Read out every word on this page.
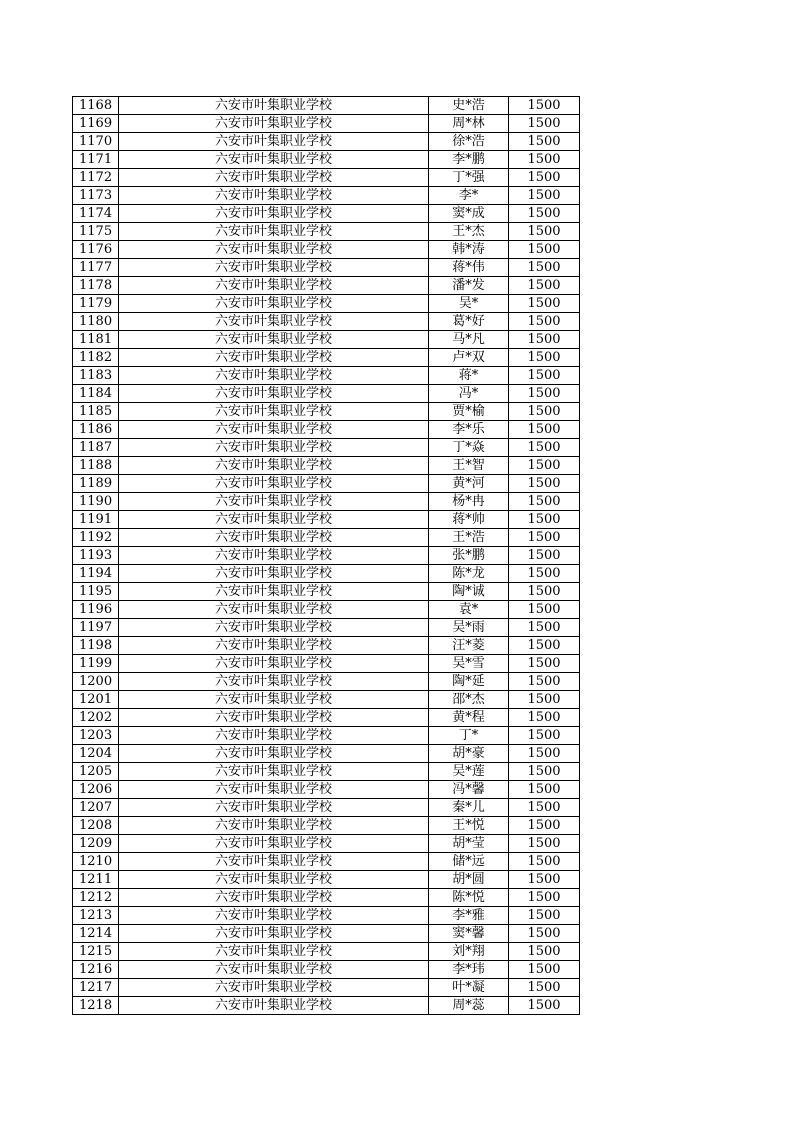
1168	六安市叶集职业学校	史*浩	1500
1169	六安市叶集职业学校	周*林	1500
1170	六安市叶集职业学校	徐*浩	1500
1171	六安市叶集职业学校	李*鹏	1500
1172	六安市叶集职业学校	丁*强	1500
1173	六安市叶集职业学校	李*	1500
1174	六安市叶集职业学校	窦*成	1500
1175	六安市叶集职业学校	王*杰	1500
1176	六安市叶集职业学校	韩*涛	1500
1177	六安市叶集职业学校	蒋*伟	1500
1178	六安市叶集职业学校	潘*发	1500
1179	六安市叶集职业学校	吴*	1500
1180	六安市叶集职业学校	葛*好	1500
1181	六安市叶集职业学校	马*凡	1500
1182	六安市叶集职业学校	卢*双	1500
1183	六安市叶集职业学校	蒋*	1500
1184	六安市叶集职业学校	冯*	1500
1185	六安市叶集职业学校	贾*榆	1500
1186	六安市叶集职业学校	李*乐	1500
1187	六安市叶集职业学校	丁*焱	1500
1188	六安市叶集职业学校	王*智	1500
1189	六安市叶集职业学校	黄*河	1500
1190	六安市叶集职业学校	杨*冉	1500
1191	六安市叶集职业学校	蒋*帅	1500
1192	六安市叶集职业学校	王*浩	1500
1193	六安市叶集职业学校	张*鹏	1500
1194	六安市叶集职业学校	陈*龙	1500
1195	六安市叶集职业学校	陶*诚	1500
1196	六安市叶集职业学校	袁*	1500
1197	六安市叶集职业学校	吴*雨	1500
1198	六安市叶集职业学校	汪*菱	1500
1199	六安市叶集职业学校	吴*雪	1500
1200	六安市叶集职业学校	陶*延	1500
1201	六安市叶集职业学校	邵*杰	1500
1202	六安市叶集职业学校	黄*程	1500
1203	六安市叶集职业学校	丁*	1500
1204	六安市叶集职业学校	胡*豪	1500
1205	六安市叶集职业学校	吴*莲	1500
1206	六安市叶集职业学校	冯*馨	1500
1207	六安市叶集职业学校	秦*儿	1500
1208	六安市叶集职业学校	王*悦	1500
1209	六安市叶集职业学校	胡*莹	1500
1210	六安市叶集职业学校	储*远	1500
1211	六安市叶集职业学校	胡*圆	1500
1212	六安市叶集职业学校	陈*悦	1500
1213	六安市叶集职业学校	李*雅	1500
1214	六安市叶集职业学校	窦*馨	1500
1215	六安市叶集职业学校	刘*翔	1500
1216	六安市叶集职业学校	李*玮	1500
1217	六安市叶集职业学校	叶*凝	1500
1218	六安市叶集职业学校	周*蕊	1500
